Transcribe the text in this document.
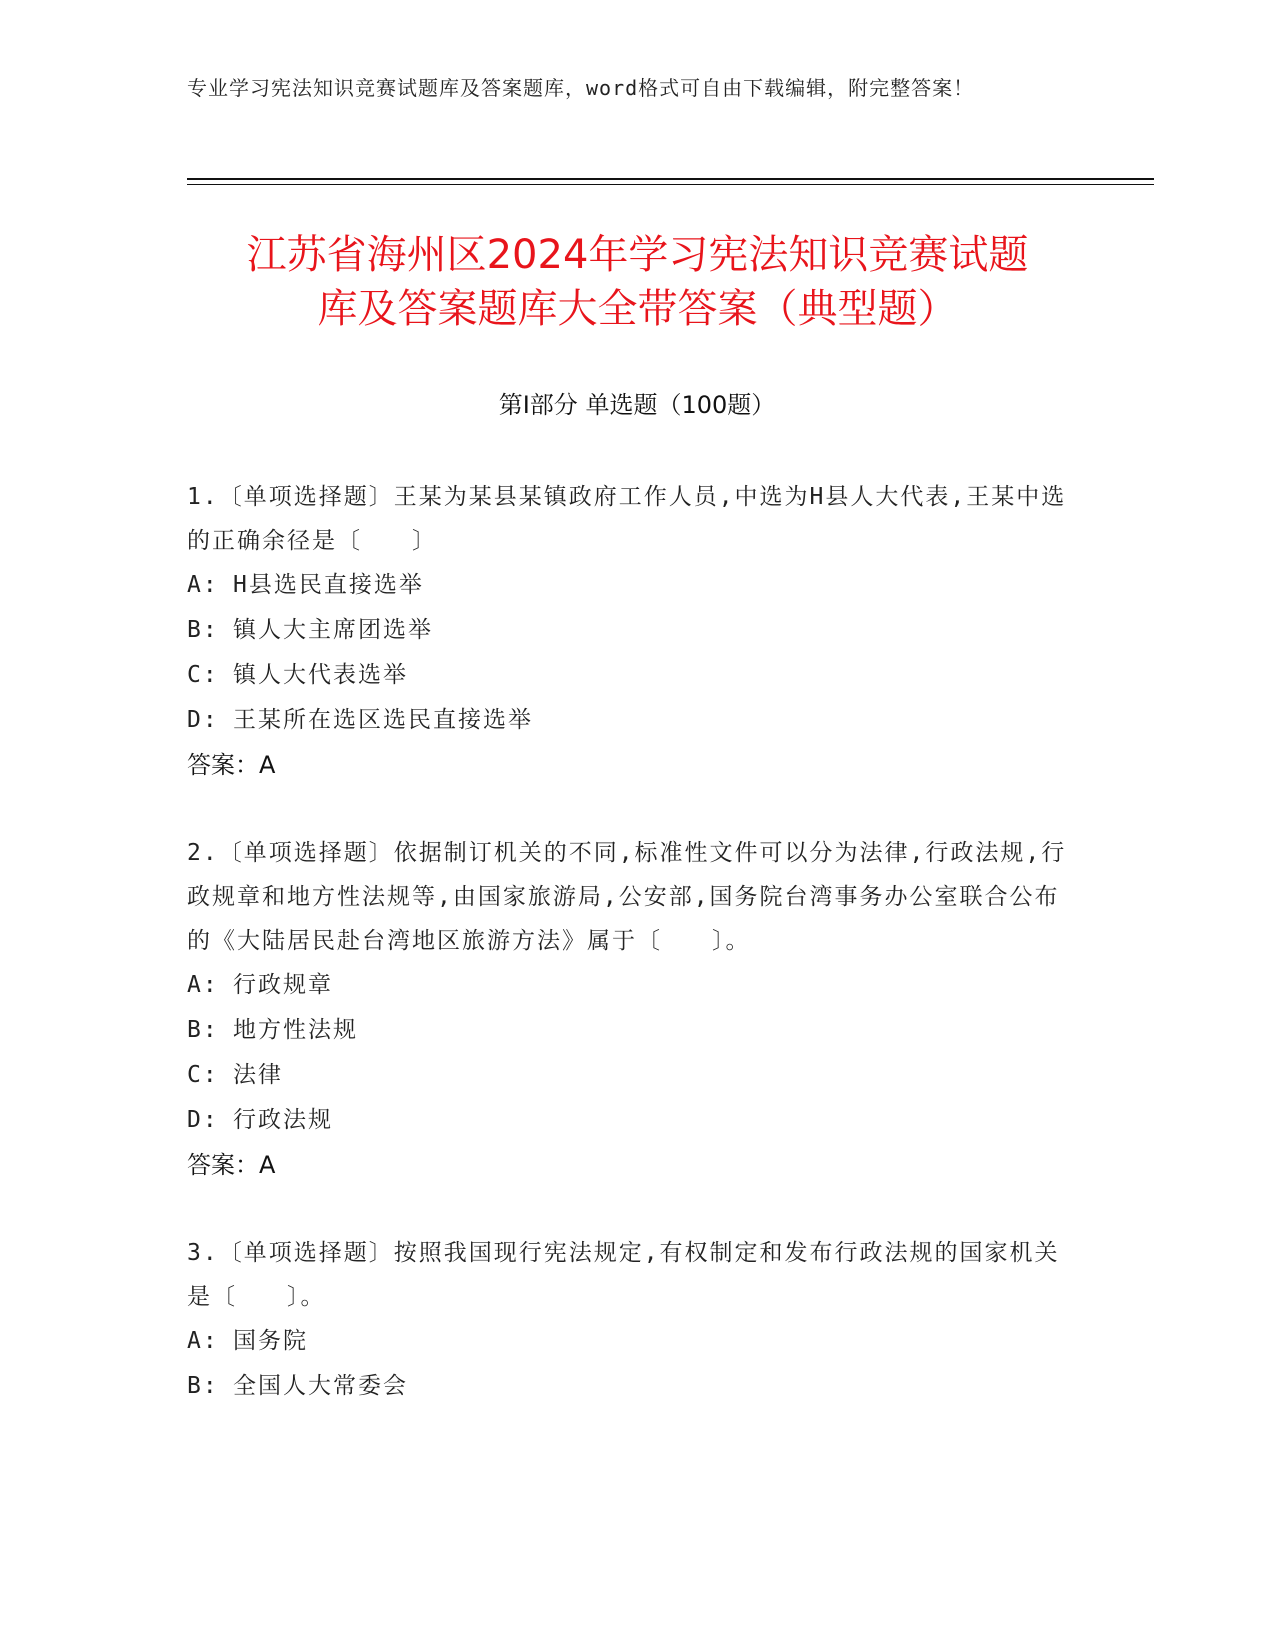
专业学习宪法知识竞赛试题库及答案题库，word格式可自由下载编辑，附完整答案！
江苏省海州区2024年学习宪法知识竞赛试题
库及答案题库大全带答案（典型题）
第Ⅰ部分 单选题（100题）

1.〔单项选择题〕王某为某县某镇政府工作人员,中选为H县人大代表,王某中选的正确余径是〔　　〕

A: H县选民直接选举
B: 镇人大主席团选举
C: 镇人大代表选举
D: 王某所在选区选民直接选举
答案：A

2.〔单项选择题〕依据制订机关的不同,标准性文件可以分为法律,行政法规,行政规章和地方性法规等,由国家旅游局,公安部,国务院台湾事务办公室联合公布的《大陆居民赴台湾地区旅游方法》属于〔　　〕。

A: 行政规章
B: 地方性法规
C: 法律
D: 行政法规
答案：A

3.〔单项选择题〕按照我国现行宪法规定,有权制定和发布行政法规的国家机关是〔　　〕。

A: 国务院
B: 全国人大常委会
